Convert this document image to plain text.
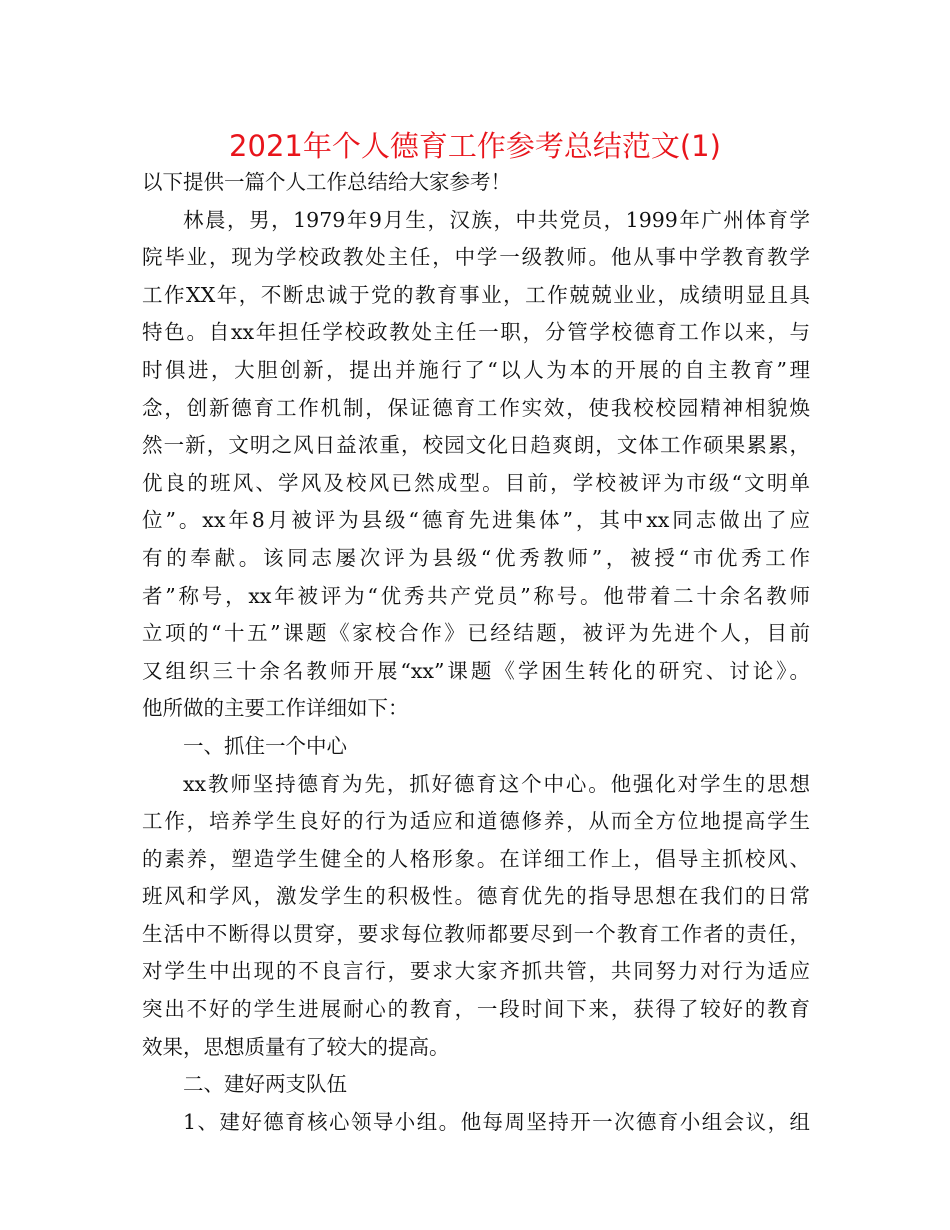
2021年个人德育工作参考总结范文(1)
以下提供一篇个人工作总结给大家参考！
林晨，男，1979年9月生，汉族，中共党员，1999年广州体育学
院毕业，现为学校政教处主任，中学一级教师。他从事中学教育教学
工作XX年，不断忠诚于党的教育事业，工作兢兢业业，成绩明显且具
特色。自xx年担任学校政教处主任一职，分管学校德育工作以来，与
时俱进，大胆创新，提出并施行了“以人为本的开展的自主教育”理
念，创新德育工作机制，保证德育工作实效，使我校校园精神相貌焕
然一新，文明之风日益浓重，校园文化日趋爽朗，文体工作硕果累累，
优良的班风、学风及校风已然成型。目前，学校被评为市级“文明单
位”。xx年8月被评为县级“德育先进集体”，其中xx同志做出了应
有的奉献。该同志屡次评为县级“优秀教师”，被授“市优秀工作
者”称号，xx年被评为“优秀共产党员”称号。他带着二十余名教师
立项的“十五”课题《家校合作》已经结题，被评为先进个人，目前
又组织三十余名教师开展“xx”课题《学困生转化的研究、讨论》。
他所做的主要工作详细如下：
一、抓住一个中心
xx教师坚持德育为先，抓好德育这个中心。他强化对学生的思想
工作，培养学生良好的行为适应和道德修养，从而全方位地提高学生
的素养，塑造学生健全的人格形象。在详细工作上，倡导主抓校风、
班风和学风，激发学生的积极性。德育优先的指导思想在我们的日常
生活中不断得以贯穿，要求每位教师都要尽到一个教育工作者的责任，
对学生中出现的不良言行，要求大家齐抓共管，共同努力对行为适应
突出不好的学生进展耐心的教育，一段时间下来，获得了较好的教育
效果，思想质量有了较大的提高。
二、建好两支队伍
1、建好德育核心领导小组。他每周坚持开一次德育小组会议，组
